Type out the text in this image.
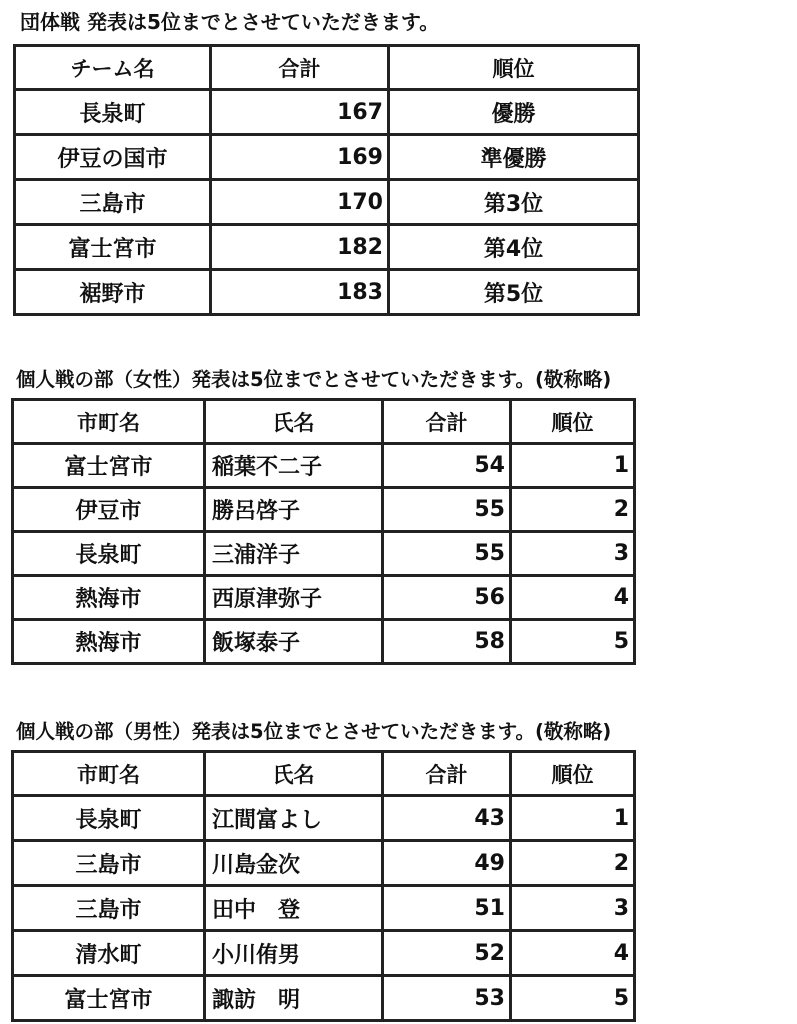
団体戦 発表は5位までとさせていただきます。
チーム名	合計	順位
長泉町	167	優勝
伊豆の国市	169	準優勝
三島市	170	第3位
富士宮市	182	第4位
裾野市	183	第5位
個人戦の部（女性）発表は5位までとさせていただきます。(敬称略)
市町名	氏名	合計	順位
富士宮市	稲葉不二子	54	1
伊豆市	勝呂啓子	55	2
長泉町	三浦洋子	55	3
熱海市	西原津弥子	56	4
熱海市	飯塚泰子	58	5
個人戦の部（男性）発表は5位までとさせていただきます。(敬称略)
市町名	氏名	合計	順位
長泉町	江間富よし	43	1
三島市	川島金次	49	2
三島市	田中　登	51	3
清水町	小川侑男	52	4
富士宮市	諏訪　明	53	5
